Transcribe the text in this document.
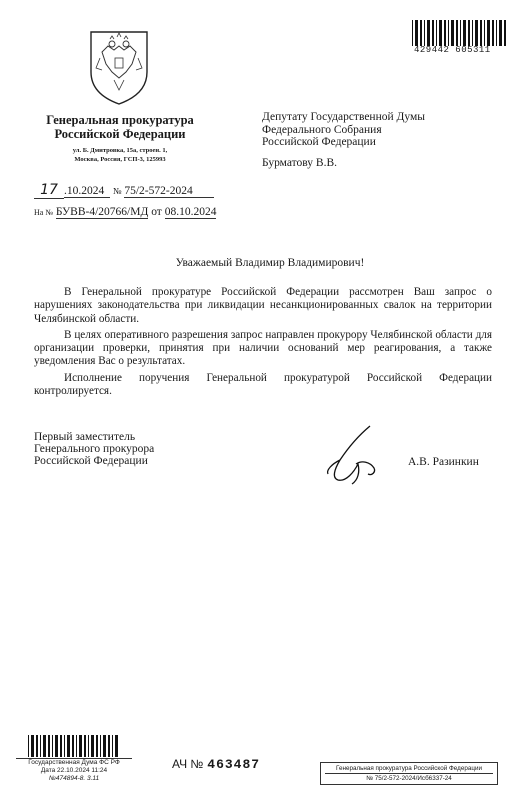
429442 605311
Генеральная прокуратура
Российской Федерации
ул. Б. Дмитровка, 15а, строен. 1,
Москва, Россия, ГСП-3, 125993
Депутату Государственной Думы
Федерального Собрания
Российской Федерации
Бурматову В.В.
17 .10.2024 № 75/2-572-2024
На № БУВВ-4/20766/МД от 08.10.2024
Уважаемый Владимир Владимирович!

В Генеральной прокуратуре Российской Федерации рассмотрен Ваш запрос о нарушениях законодательства при ликвидации несанкционированных свалок на территории Челябинской области.

В целях оперативного разрешения запрос направлен прокурору Челябинской области для организации проверки, принятия при наличии оснований мер реагирования, а также уведомления Вас о результатах.

Исполнение поручения Генеральной прокуратурой Российской Федерации контролируется.

Первый заместитель
Генерального прокурора
Российской Федерации	А.В. Разинкин
Государственная Дума ФС РФ
Дата 22.10.2024 11:24
№474894-8. 3.11
АЧ № 463487	Генеральная прокуратура Российской Федерации
№ 75/2-572-2024/Исб6337-24
